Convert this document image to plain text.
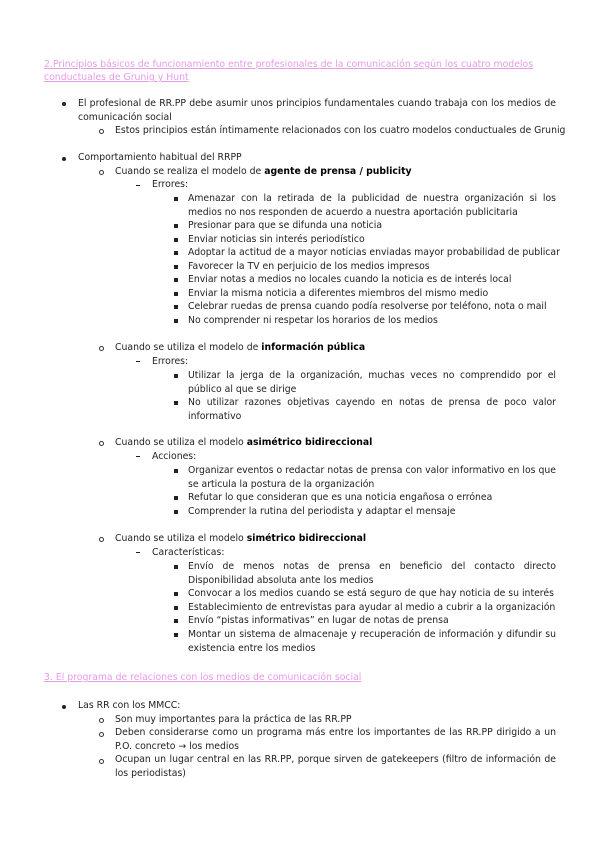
2.Principios básicos de funcionamiento entre profesionales de la comunicación según los cuatro modelos
conductuales de Grunig y Hunt
El profesional de RR.PP debe asumir unos principios fundamentales cuando trabaja con los medios de comunicación social
Estos principios están íntimamente relacionados con los cuatro modelos conductuales de Grunig
Comportamiento habitual del RRPP
Cuando se realiza el modelo de agente de prensa / publicity
Errores:
Amenazar con la retirada de la publicidad de nuestra organización si los medios no nos responden de acuerdo a nuestra aportación publicitaria
Presionar para que se difunda una noticia
Enviar noticias sin interés periodístico
Adoptar la actitud de a mayor noticias enviadas mayor probabilidad de publicar
Favorecer la TV en perjuicio de los medios impresos
Enviar notas a medios no locales cuando la noticia es de interés local
Enviar la misma noticia a diferentes miembros del mismo medio
Celebrar ruedas de prensa cuando podía resolverse por teléfono, nota o mail
No comprender ni respetar los horarios de los medios
Cuando se utiliza el modelo de información pública
Errores:
Utilizar la jerga de la organización, muchas veces no comprendido por el público al que se dirige
No utilizar razones objetivas cayendo en notas de prensa de poco valor informativo
Cuando se utiliza el modelo asimétrico bidireccional
Acciones:
Organizar eventos o redactar notas de prensa con valor informativo en los que se articula la postura de la organización
Refutar lo que consideran que es una noticia engañosa o errónea
Comprender la rutina del periodista y adaptar el mensaje
Cuando se utiliza el modelo simétrico bidireccional
Características:
Envío de menos notas de prensa en beneficio del contacto directo Disponibilidad absoluta ante los medios
Convocar a los medios cuando se está seguro de que hay noticia de su interés
Establecimiento de entrevistas para ayudar al medio a cubrir a la organización
Envío “pistas informativas” en lugar de notas de prensa
Montar un sistema de almacenaje y recuperación de información y difundir su existencia entre los medios
3. El programa de relaciones con los medios de comunicación social
Las RR con los MMCC:
Son muy importantes para la práctica de las RR.PP
Deben considerarse como un programa más entre los importantes de las RR.PP dirigido a un P.O. concreto → los medios
Ocupan un lugar central en las RR.PP, porque sirven de gatekeepers (filtro de información de los periodistas)
